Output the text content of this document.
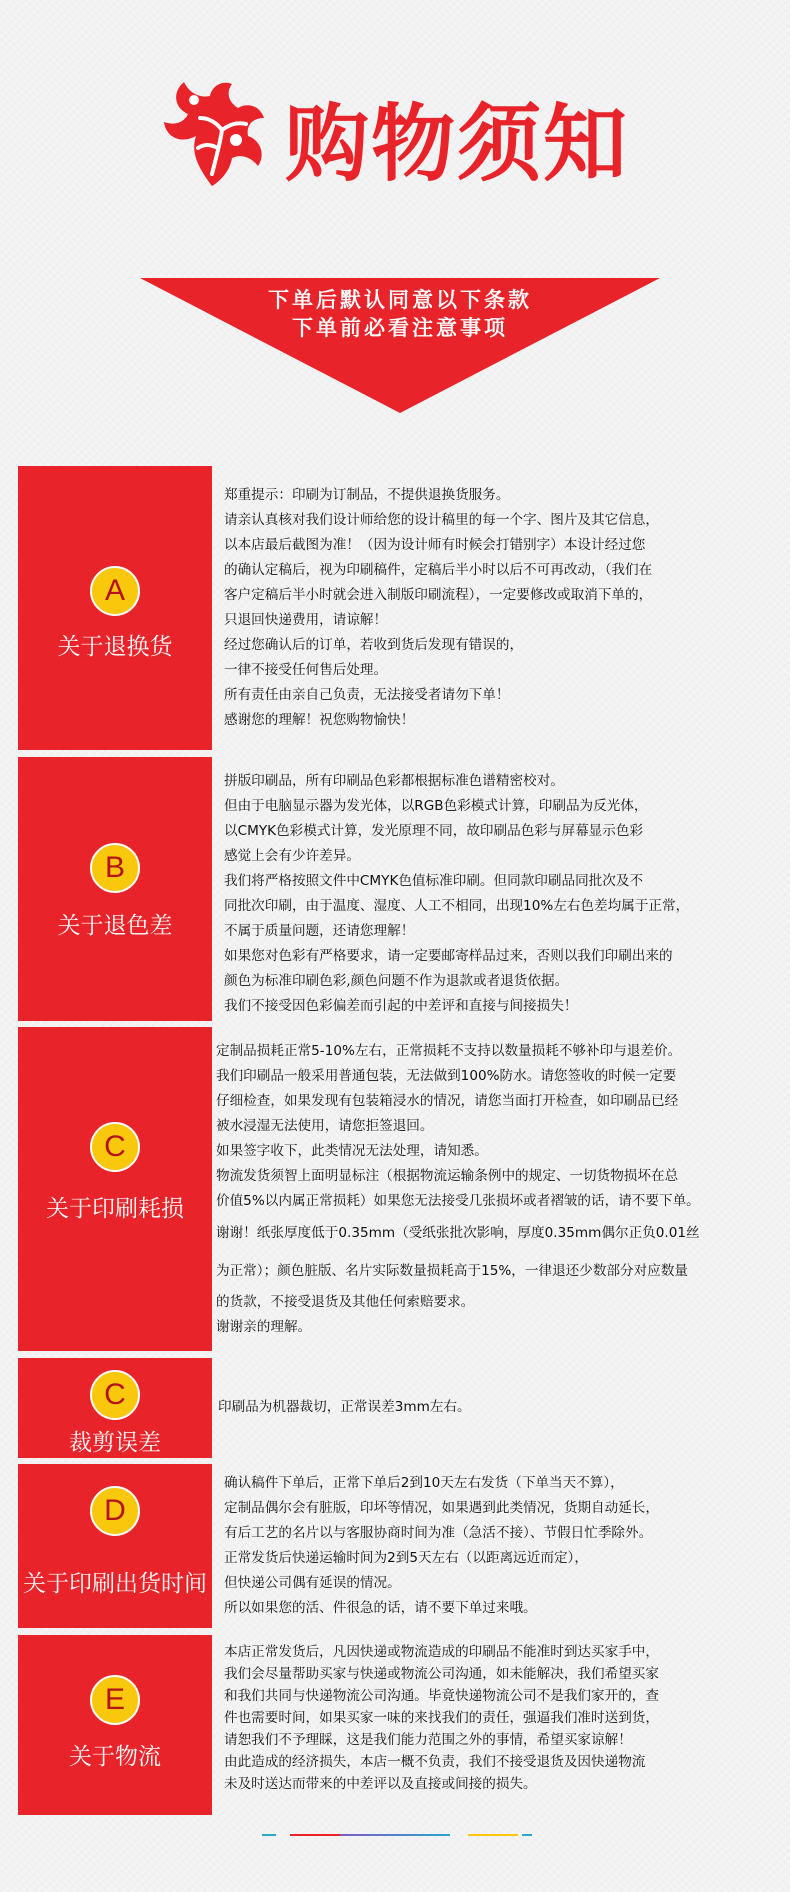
购物须知
下单后默认同意以下条款
下单前必看注意事项
A
关于退换货
郑重提示：印刷为订制品，不提供退换货服务。
请亲认真核对我们设计师给您的设计稿里的每一个字、图片及其它信息，
以本店最后截图为准！（因为设计师有时候会打错别字）本设计经过您
的确认定稿后，视为印刷稿件，定稿后半小时以后不可再改动，（我们在
客户定稿后半小时就会进入制版印刷流程），一定要修改或取消下单的，
只退回快递费用，请谅解！
经过您确认后的订单，若收到货后发现有错误的，
一律不接受任何售后处理。
所有责任由亲自己负责，无法接受者请勿下单！
感谢您的理解！祝您购物愉快！
B
关于退色差
拼版印刷品，所有印刷品色彩都根据标准色谱精密校对。
但由于电脑显示器为发光体，以RGB色彩模式计算，印刷品为反光体，
以CMYK色彩模式计算，发光原理不同，故印刷品色彩与屏幕显示色彩
感觉上会有少许差异。
我们将严格按照文件中CMYK色值标准印刷。但同款印刷品同批次及不
同批次印刷，由于温度、湿度、人工不相同，出现10%左右色差均属于正常，
不属于质量问题，还请您理解！
如果您对色彩有严格要求，请一定要邮寄样品过来，否则以我们印刷出来的
颜色为标准印刷色彩,颜色问题不作为退款或者退货依据。
我们不接受因色彩偏差而引起的中差评和直接与间接损失！
C
关于印刷耗损
定制品损耗正常5-10%左右，正常损耗不支持以数量损耗不够补印与退差价。
我们印刷品一般采用普通包装，无法做到100%防水。请您签收的时候一定要
仔细检查，如果发现有包装箱浸水的情况，请您当面打开检查，如印刷品已经
被水浸湿无法使用，请您拒签退回。
如果签字收下，此类情况无法处理，请知悉。
物流发货须智上面明显标注（根据物流运输条例中的规定、一切货物损坏在总
价值5%以内属正常损耗）如果您无法接受几张损坏或者褶皱的话，请不要下单。
谢谢！纸张厚度低于0.35mm（受纸张批次影响，厚度0.35mm偶尔正负0.01丝
为正常）；颜色脏版、名片实际数量损耗高于15%，一律退还少数部分对应数量
的货款，不接受退货及其他任何索赔要求。
谢谢亲的理解。
C
裁剪误差
印刷品为机器裁切，正常误差3mm左右。
D
关于印刷出货时间
确认稿件下单后，正常下单后2到10天左右发货（下单当天不算），
定制品偶尔会有脏版，印坏等情况，如果遇到此类情况，货期自动延长，
有后工艺的名片以与客服协商时间为准（急活不接）、节假日忙季除外。
正常发货后快递运输时间为2到5天左右（以距离远近而定），
但快递公司偶有延误的情况。
所以如果您的活、件很急的话，请不要下单过来哦。
E
关于物流
本店正常发货后，凡因快递或物流造成的印刷品不能准时到达买家手中，
我们会尽量帮助买家与快递或物流公司沟通，如未能解决，我们希望买家
和我们共同与快递物流公司沟通。毕竟快递物流公司不是我们家开的，查
件也需要时间，如果买家一味的来找我们的责任，强逼我们准时送到货，
请恕我们不予理睬，这是我们能力范围之外的事情，希望买家谅解！
由此造成的经济损失，本店一概不负责，我们不接受退货及因快递物流
未及时送达而带来的中差评以及直接或间接的损失。
